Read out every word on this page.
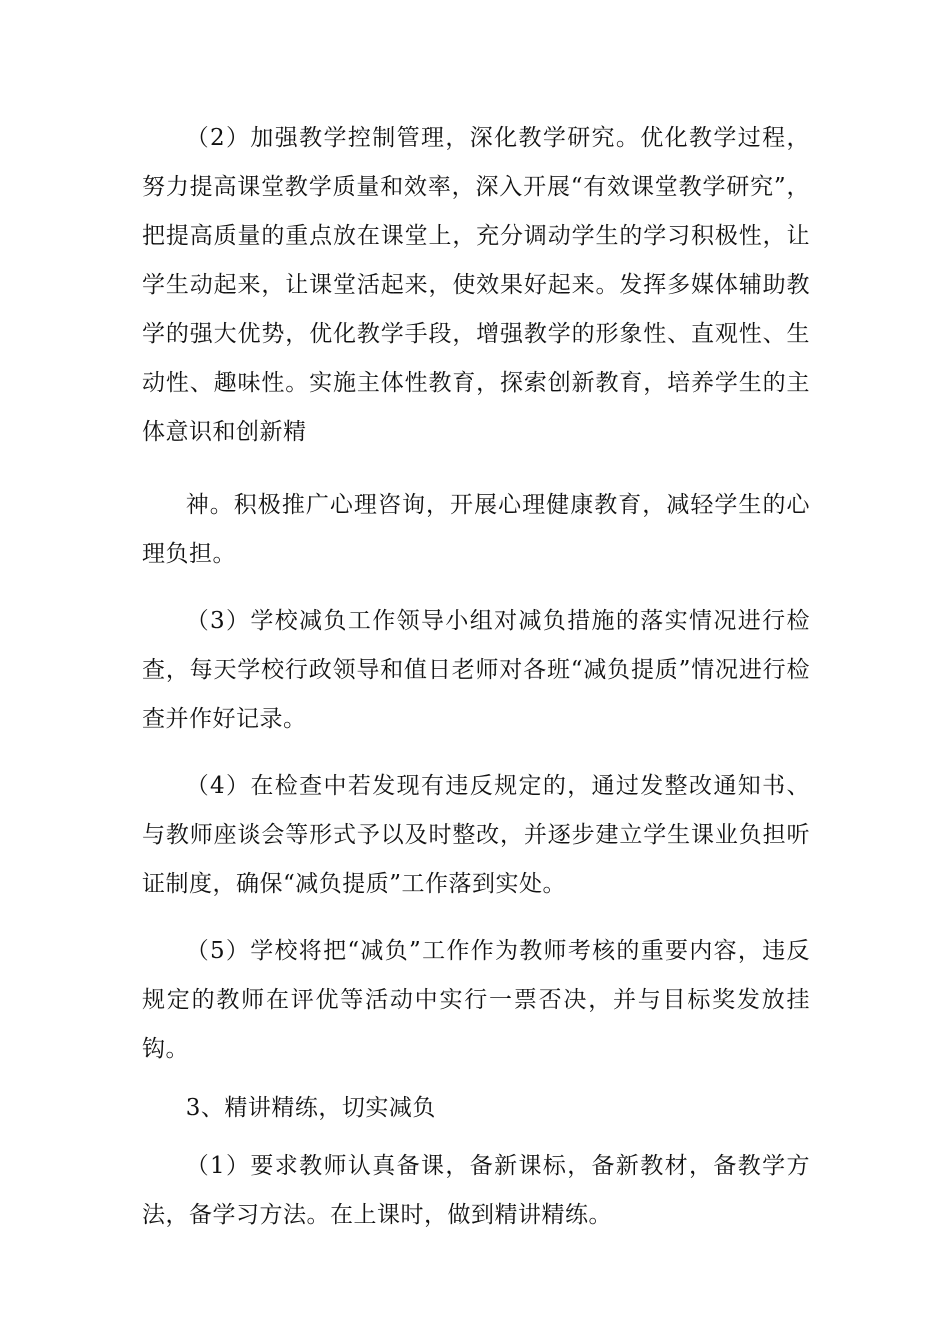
（2）加强教学控制管理，深化教学研究。优化教学过程，努力提高课堂教学质量和效率，深入开展“有效课堂教学研究”，把提高质量的重点放在课堂上，充分调动学生的学习积极性，让学生动起来，让课堂活起来，使效果好起来。发挥多媒体辅助教学的强大优势，优化教学手段，增强教学的形象性、直观性、生动性、趣味性。实施主体性教育，探索创新教育，培养学生的主体意识和创新精

神。积极推广心理咨询，开展心理健康教育，减轻学生的心理负担。

（3）学校减负工作领导小组对减负措施的落实情况进行检查，每天学校行政领导和值日老师对各班“减负提质”情况进行检查并作好记录。

（4）在检查中若发现有违反规定的，通过发整改通知书、与教师座谈会等形式予以及时整改，并逐步建立学生课业负担听证制度，确保“减负提质”工作落到实处。

（5）学校将把“减负”工作作为教师考核的重要内容，违反规定的教师在评优等活动中实行一票否决，并与目标奖发放挂钩。

3、精讲精练，切实减负

（1）要求教师认真备课，备新课标，备新教材，备教学方法，备学习方法。在上课时，做到精讲精练。
